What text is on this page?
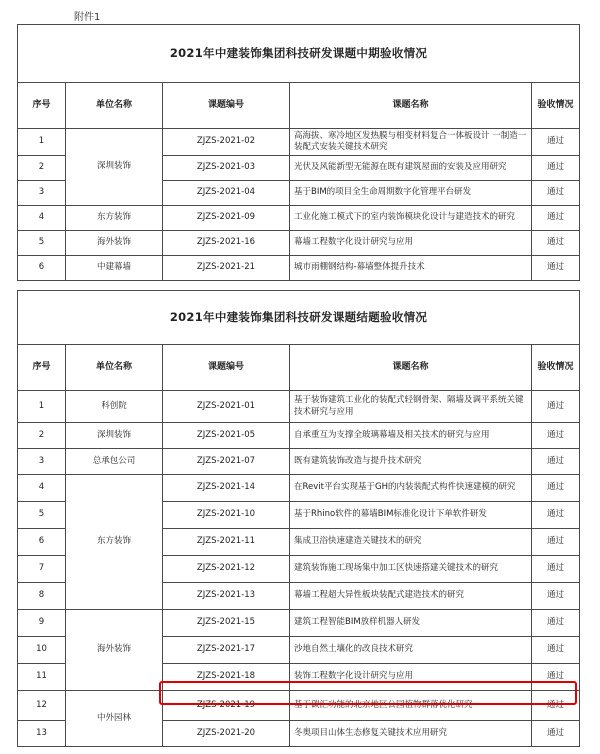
附件1
2021年中建装饰集团科技研发课题中期验收情况				
序号	单位名称	课题编号	课题名称	验收情况
1	深圳装饰	ZJZS-2021-02	高海拔、寒冷地区发热膜与相变材料复合一体板设计 一制造一装配式安装关键技术研究	通过
2		ZJZS-2021-03	光伏及风能新型无能源在既有建筑屋面的安装及应用研究	通过
3		ZJZS-2021-04	基于BIM的项目全生命周期数字化管理平台研发	通过
4	东方装饰	ZJZS-2021-09	工业化施工模式下的室内装饰模块化设计与建造技术的研究	通过
5	海外装饰	ZJZS-2021-16	幕墙工程数字化设计研究与应用	通过
6	中建幕墙	ZJZS-2021-21	城市雨棚钢结构-幕墙整体提升技术	通过
2021年中建装饰集团科技研发课题结题验收情况				
序号	单位名称	课题编号	课题名称	验收情况
1	科创院	ZJZS-2021-01	基于装饰建筑工业化的装配式轻钢骨架、隔墙及调平系统关键技术研究与应用	通过
2	深圳装饰	ZJZS-2021-05	自承重互为支撑全玻璃幕墙及相关技术的研究与应用	通过
3	总承包公司	ZJZS-2021-07	既有建筑装饰改造与提升技术研究	通过
4	东方装饰	ZJZS-2021-14	在Revit平台实现基于GH的内装装配式构件快速建模的研究	通过
5		ZJZS-2021-10	基于Rhino软件的幕墙BIM标准化设计下单软件研发	通过
6		ZJZS-2021-11	集成卫浴快速建造关键技术的研究	通过
7		ZJZS-2021-12	建筑装饰施工现场集中加工区快速搭建关键技术的研究	通过
8		ZJZS-2021-13	幕墙工程超大异性板块装配式建造技术的研究	通过
9	海外装饰	ZJZS-2021-15	建筑工程智能BIM放样机器人研发	通过
10		ZJZS-2021-17	沙地自然土壤化的改良技术研究	通过
11		ZJZS-2021-18	装饰工程数字化设计研究与应用	通过
12	中外园林	ZJZS-2021-19	基于碳汇功能的北京地区公园植物群落优化研究	通过
13		ZJZS-2021-20	冬奥项目山体生态修复关键技术应用研究	通过
